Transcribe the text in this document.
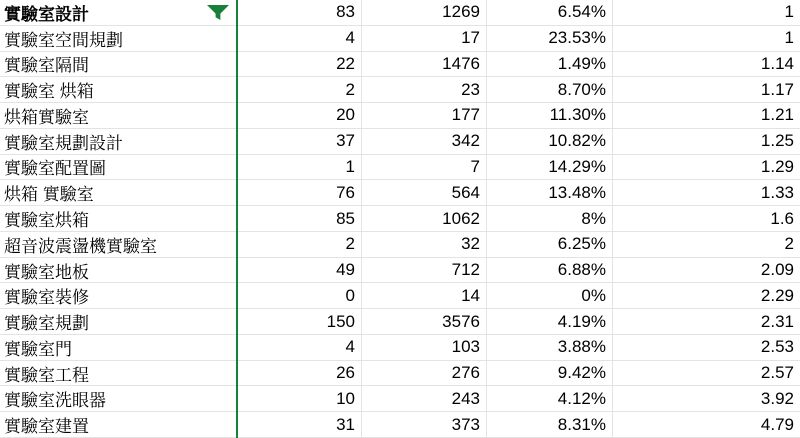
實驗室設計	83	1269	6.54%	1
實驗室空間規劃	4	17	23.53%	1
實驗室隔間	22	1476	1.49%	1.14
實驗室 烘箱	2	23	8.70%	1.17
烘箱實驗室	20	177	11.30%	1.21
實驗室規劃設計	37	342	10.82%	1.25
實驗室配置圖	1	7	14.29%	1.29
烘箱 實驗室	76	564	13.48%	1.33
實驗室烘箱	85	1062	8%	1.6
超音波震盪機實驗室	2	32	6.25%	2
實驗室地板	49	712	6.88%	2.09
實驗室裝修	0	14	0%	2.29
實驗室規劃	150	3576	4.19%	2.31
實驗室門	4	103	3.88%	2.53
實驗室工程	26	276	9.42%	2.57
實驗室洗眼器	10	243	4.12%	3.92
實驗室建置	31	373	8.31%	4.79
